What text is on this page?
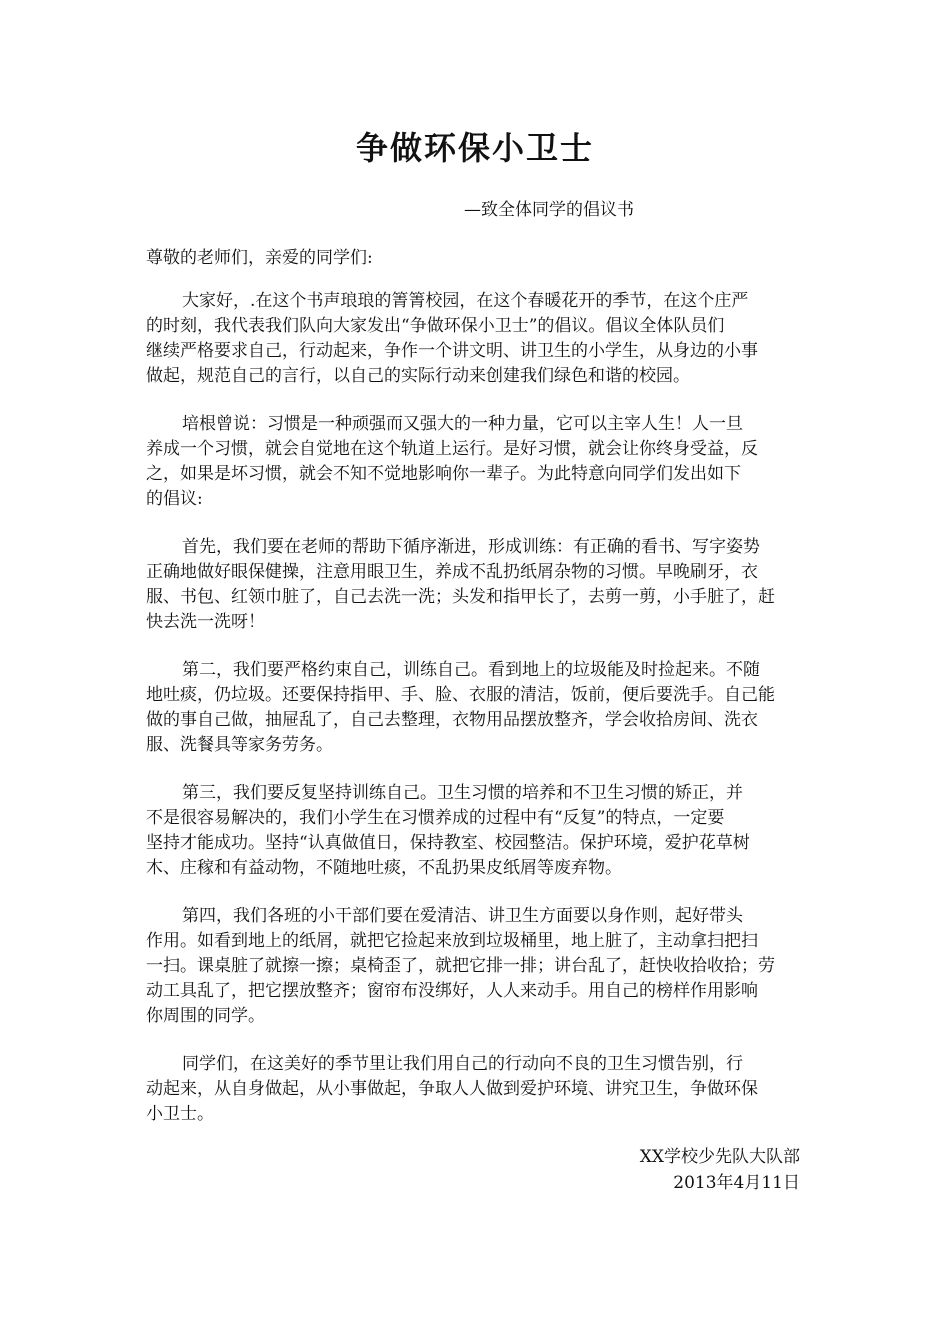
争做环保小卫士
—致全体同学的倡议书
尊敬的老师们，亲爱的同学们:
大家好，.在这个书声琅琅的箐箐校园，在这个春暖花开的季节，在这个庄严
的时刻，我代表我们队向大家发出“争做环保小卫士”的倡议。倡议全体队员们
继续严格要求自己，行动起来，争作一个讲文明、讲卫生的小学生，从身边的小事
做起，规范自己的言行，以自己的实际行动来创建我们绿色和谐的校园。
培根曾说：习惯是一种顽强而又强大的一种力量，它可以主宰人生！人一旦
养成一个习惯，就会自觉地在这个轨道上运行。是好习惯，就会让你终身受益，反
之，如果是坏习惯，就会不知不觉地影响你一辈子。为此特意向同学们发出如下
的倡议:
首先，我们要在老师的帮助下循序渐进，形成训练：有正确的看书、写字姿势
正确地做好眼保健操，注意用眼卫生，养成不乱扔纸屑杂物的习惯。早晚刷牙，衣
服、书包、红领巾脏了，自己去洗一洗；头发和指甲长了，去剪一剪，小手脏了，赶
快去洗一洗呀！
第二，我们要严格约束自己，训练自己。看到地上的垃圾能及时捡起来。不随
地吐痰，仍垃圾。还要保持指甲、手、脸、衣服的清洁，饭前，便后要洗手。自己能
做的事自己做，抽屉乱了，自己去整理，衣物用品摆放整齐，学会收拾房间、洗衣
服、洗餐具等家务劳务。
第三，我们要反复坚持训练自己。卫生习惯的培养和不卫生习惯的矫正，并
不是很容易解决的，我们小学生在习惯养成的过程中有“反复”的特点，一定要
坚持才能成功。坚持“认真做值日，保持教室、校园整洁。保护环境，爱护花草树
木、庄稼和有益动物，不随地吐痰，不乱扔果皮纸屑等废弃物。
第四，我们各班的小干部们要在爱清洁、讲卫生方面要以身作则，起好带头
作用。如看到地上的纸屑，就把它捡起来放到垃圾桶里，地上脏了，主动拿扫把扫
一扫。课桌脏了就擦一擦；桌椅歪了，就把它排一排；讲台乱了，赶快收拾收拾；劳
动工具乱了，把它摆放整齐；窗帘布没绑好，人人来动手。用自己的榜样作用影响
你周围的同学。
同学们，在这美好的季节里让我们用自己的行动向不良的卫生习惯告别，行
动起来，从自身做起，从小事做起，争取人人做到爱护环境、讲究卫生，争做环保
小卫士。
XX学校少先队大队部
2013年4月11日
